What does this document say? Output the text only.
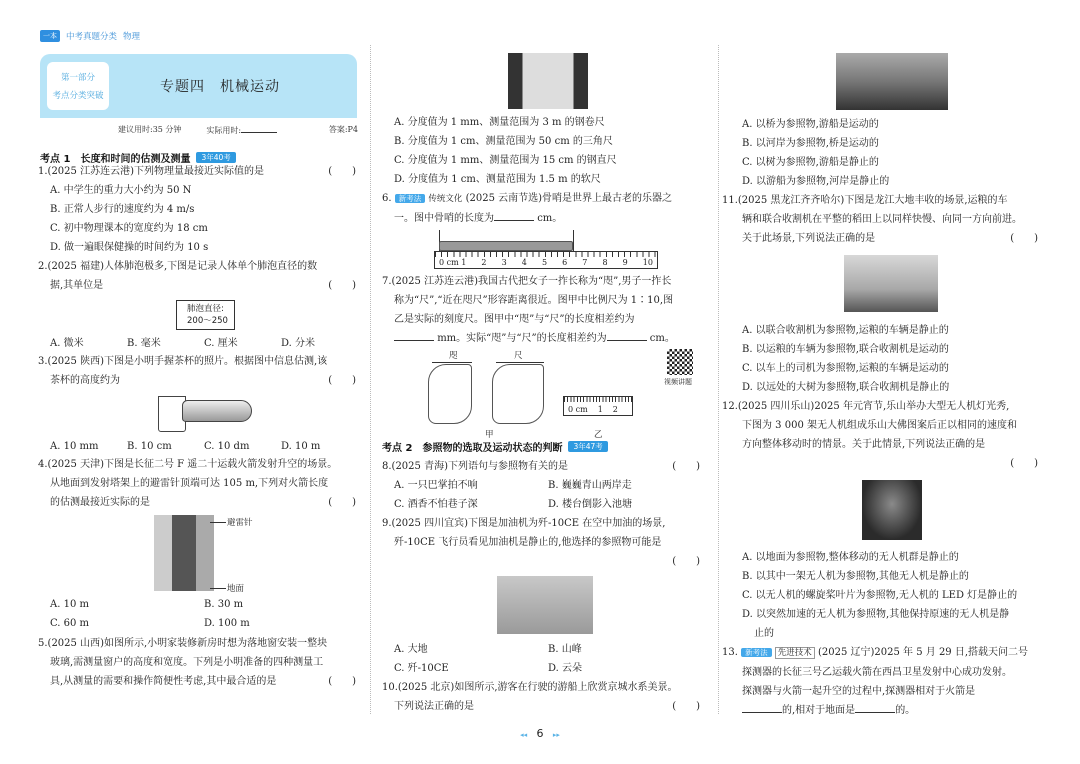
一本	中考真题分类 物理
第一部分
考点分类突破
专题四　机械运动
建议用时:35 分钟	实际用时:	答案:P4
考点 1　长度和时间的估测及测量	3年40考
1.(2025 江苏连云港)下列物理量最接近实际值的是	(　　)
A. 中学生的重力大小约为 50 N
B. 正常人步行的速度约为 4 m/s
C. 初中物理课本的宽度约为 18 cm
D. 做一遍眼保健操的时间约为 10 s
2.(2025 福建)人体肺泡极多,下图是记录人体单个肺泡直径的数
据,其单位是	(　　)
肺泡直径:
200～250
A. 微米	B. 毫米	C. 厘米	D. 分米
3.(2025 陕西)下图是小明手握茶杯的照片。根据图中信息估测,该
茶杯的高度约为	(　　)
A. 10 mm	B. 10 cm	C. 10 dm	D. 10 m
4.(2025 天津)下图是长征二号 F 遥二十运载火箭发射升空的场景。
从地面到发射塔架上的避雷针顶端可达 105 m,下列对火箭长度
的估测最接近实际的是	(　　)
避雷针
地面
A. 10 m	B. 30 m
C. 60 m	D. 100 m
5.(2025 山西)如图所示,小明家装修新房时想为落地窗安装一整块
玻璃,需测量窗户的高度和宽度。下列是小明准备的四种测量工
具,从测量的需要和操作简便性考虑,其中最合适的是	(　　)
A. 分度值为 1 mm、测量范围为 3 m 的钢卷尺
B. 分度值为 1 cm、测量范围为 50 cm 的三角尺
C. 分度值为 1 mm、测量范围为 15 cm 的钢直尺
D. 分度值为 1 cm、测量范围为 1.5 m 的软尺
6. 新考法 传统文化 (2025 云南节选)骨哨是世界上最古老的乐器之
一。图中骨哨的长度为	cm。
0 cm 1 2 3 4 5 6 7 8 9 10
7.(2025 江苏连云港)我国古代把女子一拃长称为“咫”,男子一拃长
称为“尺”,“近在咫尺”形容距离很近。图甲中比例尺为 1∶10,图
乙是实际的刻度尺。图甲中“咫”与“尺”的长度相差约为
mm。实际“咫”与“尺”的长度相差约为	cm。
咫	尺
甲
0 cm 1 2
乙
视频讲题
考点 2　参照物的选取及运动状态的判断	3年47考
8.(2025 青海)下列语句与参照物有关的是	(　　)
A. 一只巴掌拍不响	B. 巍巍青山两岸走
C. 酒香不怕巷子深	D. 楼台倒影入池塘
9.(2025 四川宜宾)下图是加油机为歼-10CE 在空中加油的场景,
歼-10CE 飞行员看见加油机是静止的,他选择的参照物可能是
(　　)

A. 大地	B. 山峰
C. 歼-10CE	D. 云朵
10.(2025 北京)如图所示,游客在行驶的游船上欣赏京城水系美景。
下列说法正确的是	(　　)
A. 以桥为参照物,游船是运动的
B. 以河岸为参照物,桥是运动的
C. 以树为参照物,游船是静止的
D. 以游船为参照物,河岸是静止的
11.(2025 黑龙江齐齐哈尔)下图是龙江大地丰收的场景,运粮的车
辆和联合收割机在平整的稻田上以同样快慢、向同一方向前进。
关于此场景,下列说法正确的是	(　　)
A. 以联合收割机为参照物,运粮的车辆是静止的
B. 以运粮的车辆为参照物,联合收割机是运动的
C. 以车上的司机为参照物,运粮的车辆是运动的
D. 以远处的大树为参照物,联合收割机是静止的
12.(2025 四川乐山)2025 年元宵节,乐山举办大型无人机灯光秀,
下图为 3 000 架无人机组成乐山大佛图案后正以相同的速度和
方向整体移动时的情景。关于此情景,下列说法正确的是
(　　)

A. 以地面为参照物,整体移动的无人机群是静止的
B. 以其中一架无人机为参照物,其他无人机是静止的
C. 以无人机的螺旋桨叶片为参照物,无人机的 LED 灯是静止的
D. 以突然加速的无人机为参照物,其他保持原速的无人机是静
止的
13. 新考法 先进技术 (2025 辽宁)2025 年 5 月 29 日,搭载天问二号
探测器的长征三号乙运载火箭在西昌卫星发射中心成功发射。
探测器与火箭一起升空的过程中,探测器相对于火箭是
的,相对于地面是	的。
◂◂ 6 ▸▸
